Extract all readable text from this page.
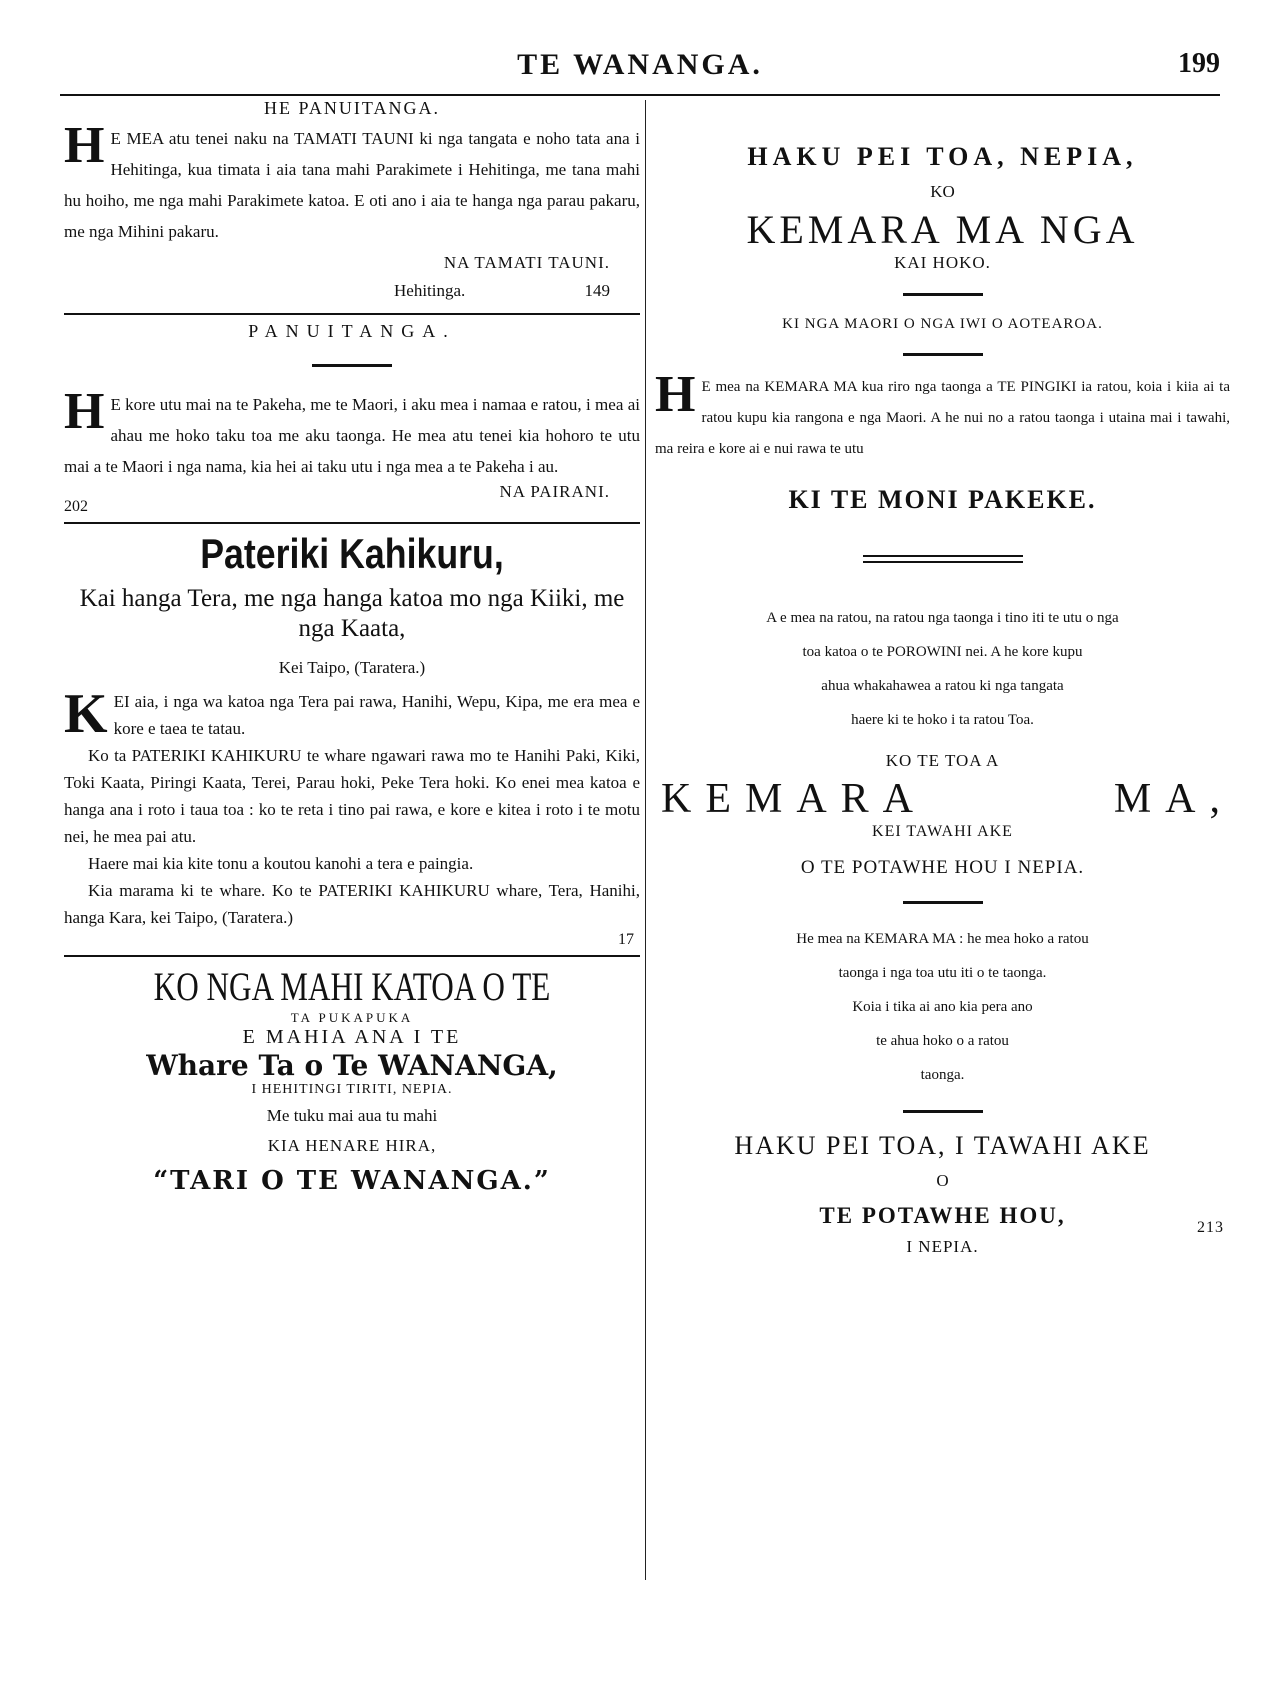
TE WANANGA.	199
HE PANUITANGA.
H E MEA atu tenei naku na TAMATI TAUNI ki nga tangata e noho tata ana i Hehitinga, kua timata i aia tana mahi Parakimete i Hehitinga, me tana mahi hu hoiho, me nga mahi Parakimete katoa. E oti ano i aia te hanga nga parau pakaru, me nga Mihini pakaru.
NA TAMATI TAUNI.
Hehitinga.	149
PANUITANGA.
H E kore utu mai na te Pakeha, me te Maori, i aku mea i namaa e ratou, i mea ai ahau me hoko taku toa me aku taonga. He mea atu tenei kia hohoro te utu mai a te Maori i nga nama, kia hei ai taku utu i nga mea a te Pakeha i au.
NA PAIRANI.
202
Pateriki Kahikuru,
Kai hanga Tera, me nga hanga katoa mo nga Kiiki, me nga Kaata,
Kei Taipo, (Taratera.)
KEI aia, i nga wa katoa nga Tera pai rawa, Hanihi, Wepu, Kipa, me era mea e kore e taea te tatau.
Ko ta PATERIKI KAHIKURU te whare ngawari rawa mo te Hanihi Paki, Kiki, Toki Kaata, Piringi Kaata, Terei, Parau hoki, Peke Tera hoki. Ko enei mea katoa e hanga ana i roto i taua toa : ko te reta i tino pai rawa, e kore e kitea i roto i te motu nei, he mea pai atu.
Haere mai kia kite tonu a koutou kanohi a tera e paingia.
Kia marama ki te whare. Ko te PATERIKI KAHIKURU whare, Tera, Hanihi, hanga Kara, kei Taipo, (Taratera.)
17
KO NGA MAHI KATOA O TE
TA PUKAPUKA
E MAHIA ANA I TE
Whare Ta o Te WANANGA,
I HEHITINGI TIRITI, NEPIA.
Me tuku mai aua tu mahi
KIA HENARE HIRA,
“TARI O TE WANANGA.”
HAKU PEI TOA, NEPIA,
KO
KEMARA MA NGA
KAI HOKO.
KI NGA MAORI O NGA IWI O AOTEAROA.
H E mea na KEMARA MA kua riro nga taonga a TE PINGIKI ia ratou, koia i kiia ai ta ratou kupu kia rangona e nga Maori. A he nui no a ratou taonga i utaina mai i tawahi, ma reira e kore ai e nui rawa te utu
KI TE MONI PAKEKE.
A e mea na ratou, na ratou nga taonga i tino iti te utu o nga
toa katoa o te POROWINI nei. A he kore kupu
ahua whakahawea a ratou ki nga tangata
haere ki te hoko i ta ratou Toa.
KO TE TOA A
KEMARA	MA,
KEI TAWAHI AKE
O TE POTAWHE HOU I NEPIA.
He mea na KEMARA MA : he mea hoko a ratou
taonga i nga toa utu iti o te taonga.
Koia i tika ai ano kia pera ano
te ahua hoko o a ratou
taonga.
HAKU PEI TOA, I TAWAHI AKE
O
TE POTAWHE HOU,
I NEPIA.
213
